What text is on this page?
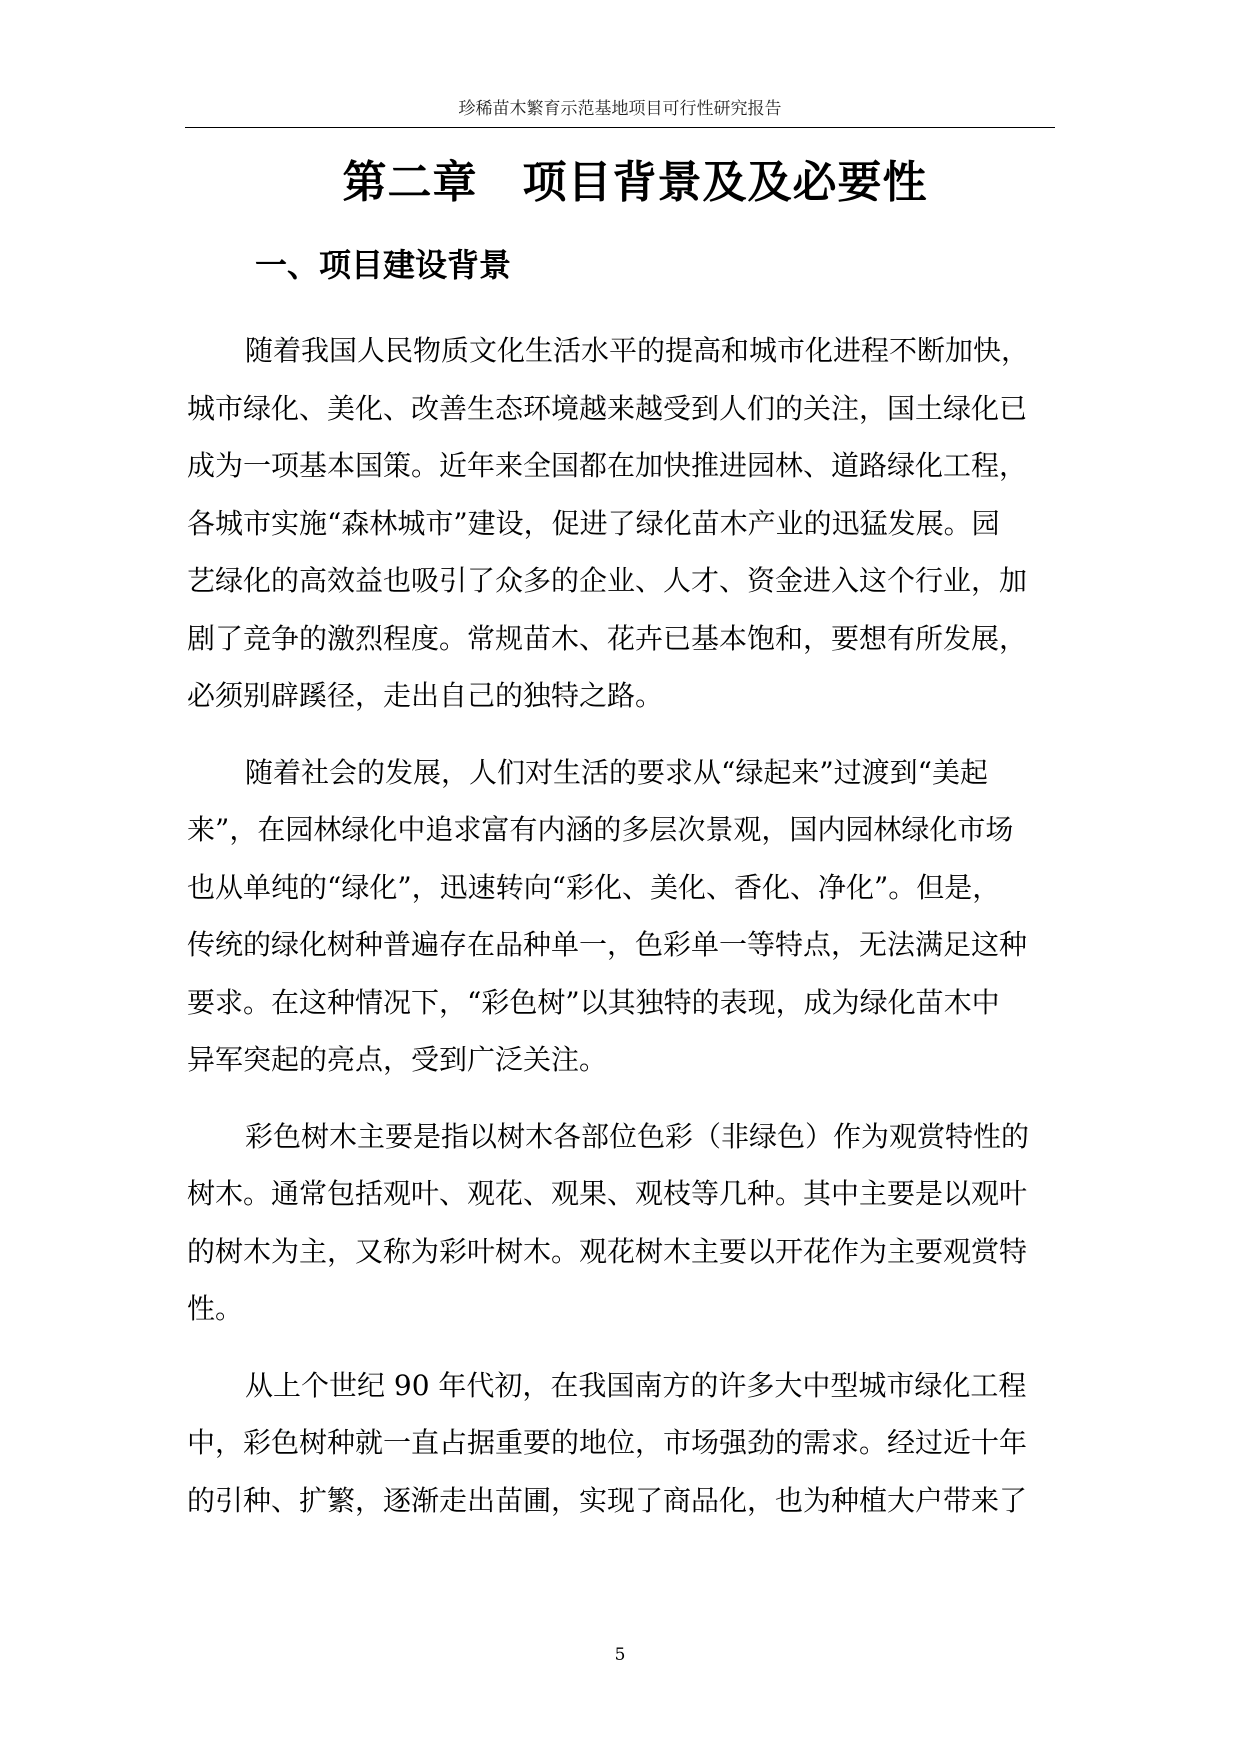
珍稀苗木繁育示范基地项目可行性研究报告
第二章　项目背景及及必要性
一、项目建设背景
随着我国人民物质文化生活水平的提高和城市化进程不断加快，
城市绿化、美化、改善生态环境越来越受到人们的关注，国土绿化已
成为一项基本国策。近年来全国都在加快推进园林、道路绿化工程，
各城市实施“森林城市”建设，促进了绿化苗木产业的迅猛发展。园
艺绿化的高效益也吸引了众多的企业、人才、资金进入这个行业，加
剧了竞争的激烈程度。常规苗木、花卉已基本饱和，要想有所发展，
必须别辟蹊径，走出自己的独特之路。
随着社会的发展，人们对生活的要求从“绿起来”过渡到“美起
来”，在园林绿化中追求富有内涵的多层次景观，国内园林绿化市场
也从单纯的“绿化”，迅速转向“彩化、美化、香化、净化”。但是，
传统的绿化树种普遍存在品种单一，色彩单一等特点，无法满足这种
要求。在这种情况下，“彩色树”以其独特的表现，成为绿化苗木中
异军突起的亮点，受到广泛关注。
彩色树木主要是指以树木各部位色彩（非绿色）作为观赏特性的
树木。通常包括观叶、观花、观果、观枝等几种。其中主要是以观叶
的树木为主，又称为彩叶树木。观花树木主要以开花作为主要观赏特
性。
从上个世纪 90 年代初，在我国南方的许多大中型城市绿化工程
中，彩色树种就一直占据重要的地位，市场强劲的需求。经过近十年
的引种、扩繁，逐渐走出苗圃，实现了商品化，也为种植大户带来了
5
